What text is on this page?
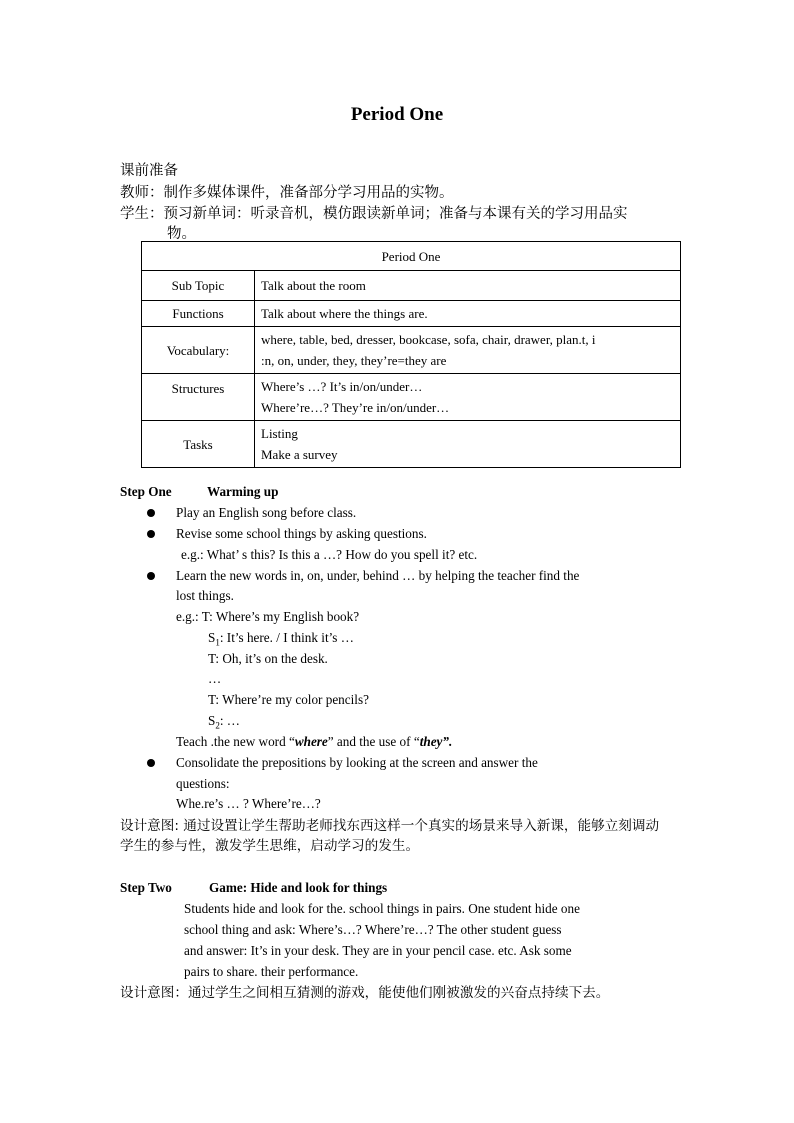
Period One
课前准备
教师：制作多媒体课件，准备部分学习用品的实物。
学生：预习新单词：听录音机，模仿跟读新单词；准备与本课有关的学习用品实
物。
Period One	
Sub Topic	Talk about the room
Functions	Talk about where the things are.
Vocabulary:	where, table, bed, dresser, bookcase, sofa, chair, drawer, plan.t, i
:n, on, under, they, they’re=they are

Structures	Where’s …? It’s in/on/under…
Where’re…? They’re in/on/under…

Tasks	Listing
Make a survey
Step One	Warming up
Play an English song before class.
Revise some school things by asking questions.
e.g.: What’ s this? Is this a …? How do you spell it? etc.
Learn the new words in, on, under, behind … by helping the teacher find the
lost things.
e.g.: T: Where’s my English book?
$S_1$: It’s here. / I think it’s …
T: Oh, it’s on the desk.
…
T: Where’re my color pencils?
$S_2$: …
Teach .the new word “where” and the use of “they”.
Consolidate the prepositions by looking at the screen and answer the
questions:
Whe.re’s … ? Where’re…?
设计意图: 通过设置让学生帮助老师找东西这样一个真实的场景来导入新课，能够立刻调动
学生的参与性，激发学生思维，启动学习的发生。
Step Two	Game: Hide and look for things
Students hide and look for the. school things in pairs. One student hide one
school thing and ask: Where’s…? Where’re…? The other student guess
and answer: It’s in your desk. They are in your pencil case. etc. Ask some
pairs to share. their performance.
设计意图：通过学生之间相互猜测的游戏，能使他们刚被激发的兴奋点持续下去。
